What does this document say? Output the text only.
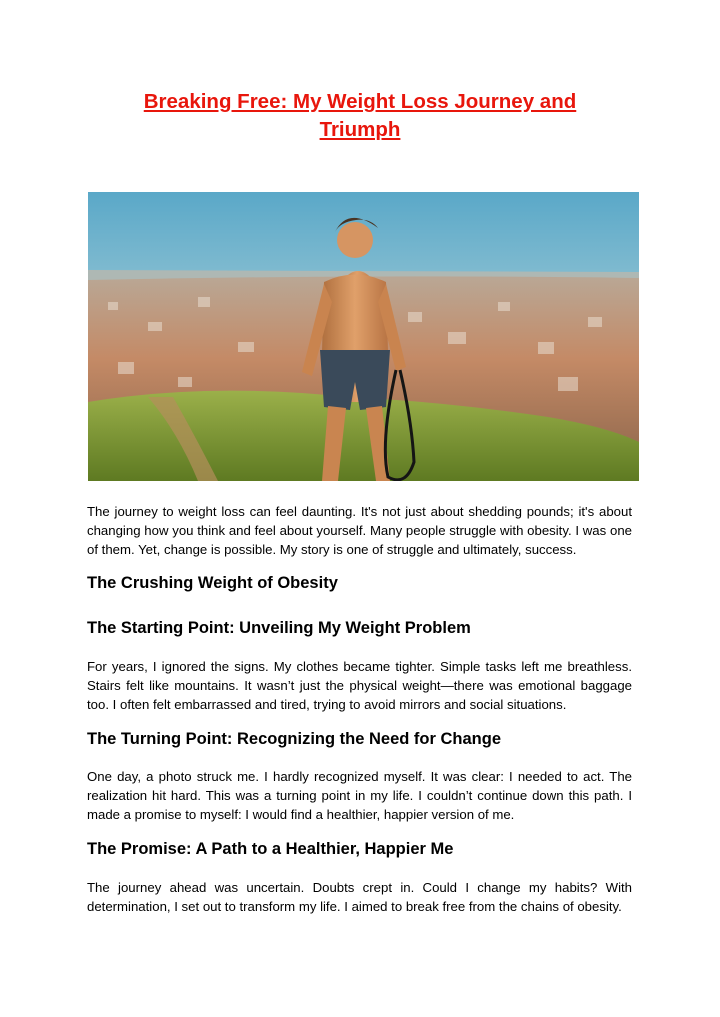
Breaking Free: My Weight Loss Journey and Triumph

The journey to weight loss can feel daunting. It's not just about shedding pounds; it's about changing how you think and feel about yourself. Many people struggle with obesity. I was one of them. Yet, change is possible. My story is one of struggle and ultimately, success.

The Crushing Weight of Obesity
The Starting Point: Unveiling My Weight Problem

For years, I ignored the signs. My clothes became tighter. Simple tasks left me breathless. Stairs felt like mountains. It wasn’t just the physical weight—there was emotional baggage too. I often felt embarrassed and tired, trying to avoid mirrors and social situations.

The Turning Point: Recognizing the Need for Change

One day, a photo struck me. I hardly recognized myself. It was clear: I needed to act. The realization hit hard. This was a turning point in my life. I couldn’t continue down this path. I made a promise to myself: I would find a healthier, happier version of me.

The Promise: A Path to a Healthier, Happier Me

The journey ahead was uncertain. Doubts crept in. Could I change my habits? With determination, I set out to transform my life. I aimed to break free from the chains of obesity.
